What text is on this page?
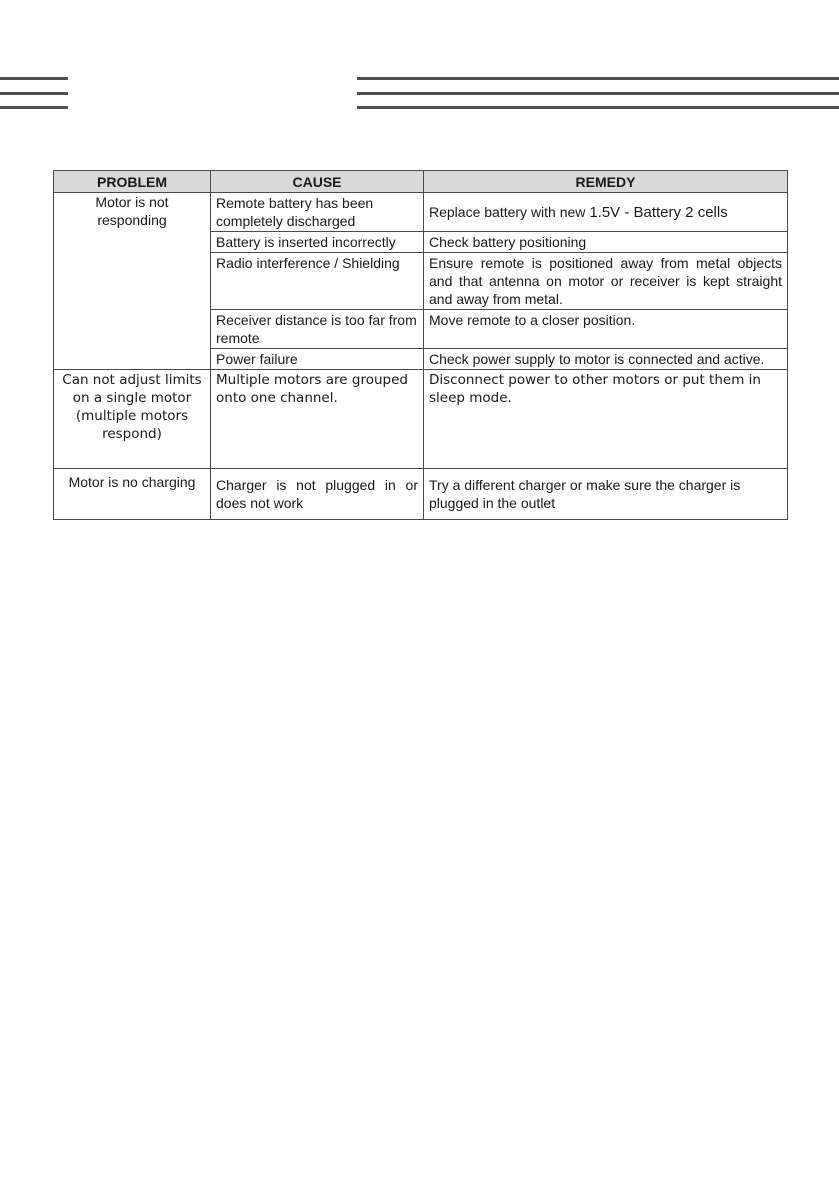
PROBLEM	CAUSE	REMEDY
Motor is not responding	Remote battery has been completely discharged	Replace battery with new 1.5V - Battery 2 cells
	Battery is inserted incorrectly	Check battery positioning
	Radio interference / Shielding	Ensure remote is positioned away from metal objects and that antenna on motor or receiver is kept straight and away from metal.
	Receiver distance is too far from remote	Move remote to a closer position.
	Power failure	Check power supply to motor is connected and active.
Can not adjust limits on a single motor (multiple motors respond)	Multiple motors are grouped onto one channel.	Disconnect power to other motors or put them in sleep mode.
Motor is no charging	Charger is not plugged in or does not work	Try a different charger or make sure the charger is plugged in the outlet
